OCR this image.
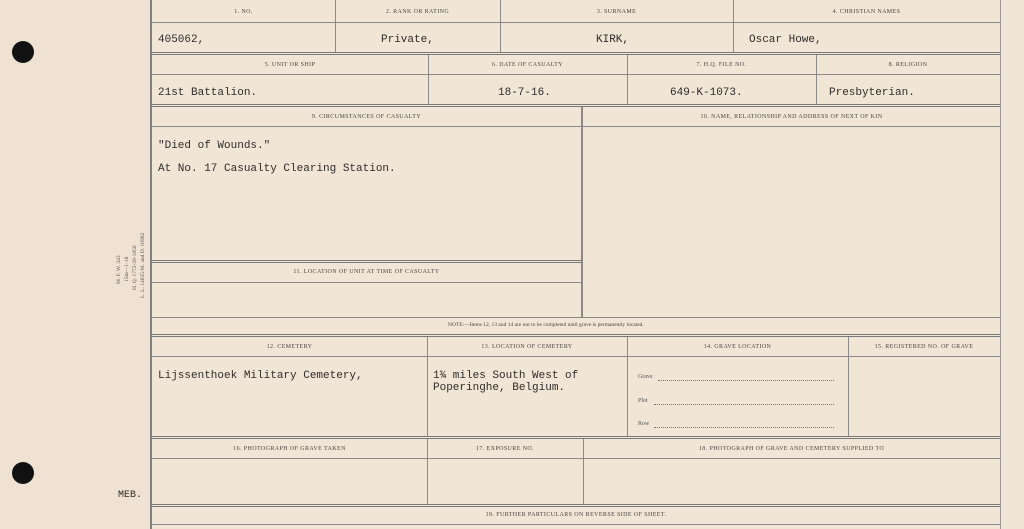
M. F. W. 343 15m—1-18 H. Q. 1772-39-1858 L. L. 14635-M. and D. 10962
MEB.
1. NO.	2. RANK OR RATING	3. SURNAME	4. CHRISTIAN NAMES
405062,	Private,	KIRK,	Oscar Howe,
5. UNIT OR SHIP	6. DATE OF CASUALTY	7. H.Q. FILE NO.	8. RELIGION
21st Battalion.	18-7-16.	649-K-1073.	Presbyterian.
9. CIRCUMSTANCES OF CASUALTY	10. NAME, RELATIONSHIP AND ADDRESS OF NEXT OF KIN
"Died of Wounds."
At No. 17 Casualty Clearing Station.
11. LOCATION OF UNIT AT TIME OF CASUALTY
NOTE:—Items 12, 13 and 14 are not to be completed until grave is permanently located.
12. CEMETERY	13. LOCATION OF CEMETERY	14. GRAVE LOCATION	15. REGISTERED NO. OF GRAVE
Lijssenthoek Military Cemetery,	1¾ miles South West of
Poperinghe, Belgium.
Grave
Plot
Row
16. PHOTOGRAPH OF GRAVE TAKEN	17. EXPOSURE NO.	18. PHOTOGRAPH OF GRAVE AND CEMETERY SUPPLIED TO
19. FURTHER PARTICULARS ON REVERSE SIDE OF SHEET.
